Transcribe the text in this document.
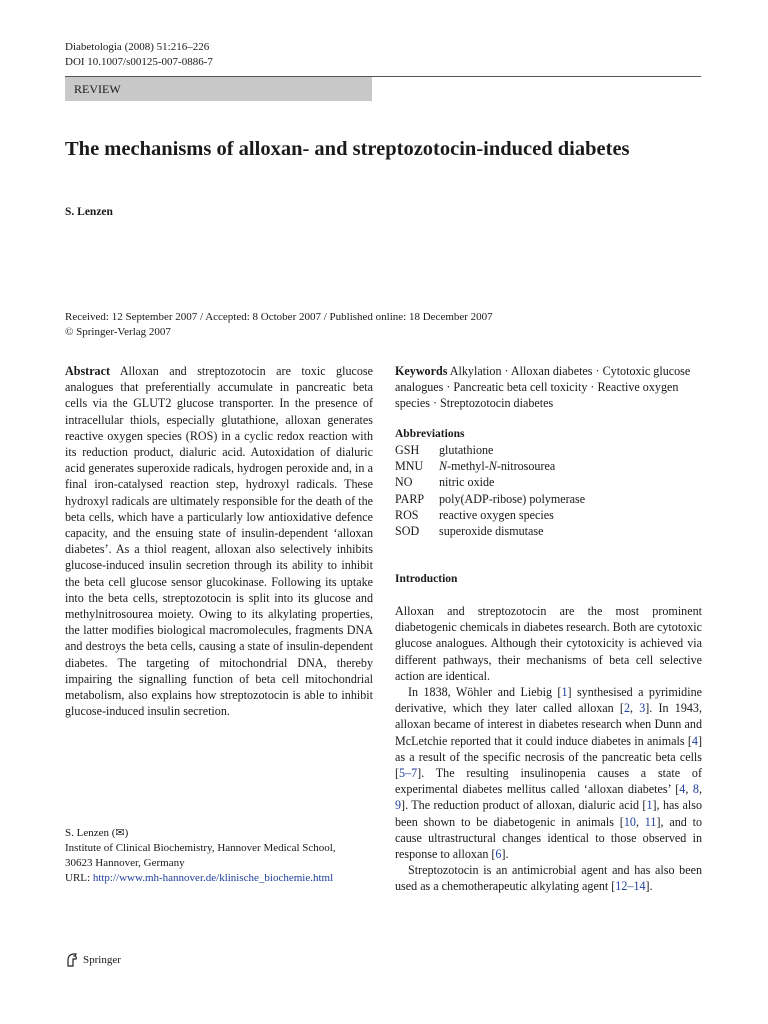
Diabetologia (2008) 51:216–226
DOI 10.1007/s00125-007-0886-7
REVIEW
The mechanisms of alloxan- and streptozotocin-induced diabetes
S. Lenzen
Received: 12 September 2007 / Accepted: 8 October 2007 / Published online: 18 December 2007
© Springer-Verlag 2007
Abstract Alloxan and streptozotocin are toxic glucose analogues that preferentially accumulate in pancreatic beta cells via the GLUT2 glucose transporter. In the presence of intracellular thiols, especially glutathione, alloxan generates reactive oxygen species (ROS) in a cyclic redox reaction with its reduction product, dialuric acid. Autoxidation of dialuric acid generates superoxide radicals, hydrogen peroxide and, in a final iron-catalysed reaction step, hydroxyl radicals. These hydroxyl radicals are ultimately responsible for the death of the beta cells, which have a particularly low antioxidative defence capacity, and the ensuing state of insulin-dependent ‘alloxan diabetes’. As a thiol reagent, alloxan also selectively inhibits glucose-induced insulin secretion through its ability to inhibit the beta cell glucose sensor glucokinase. Following its uptake into the beta cells, streptozotocin is split into its glucose and methylnitrosourea moiety. Owing to its alkylating properties, the latter modifies biological macromolecules, fragments DNA and destroys the beta cells, causing a state of insulin-dependent diabetes. The targeting of mitochondrial DNA, thereby impairing the signalling function of beta cell mitochondrial metabolism, also explains how streptozotocin is able to inhibit glucose-induced insulin secretion.
Keywords Alkylation · Alloxan diabetes · Cytotoxic glucose analogues · Pancreatic beta cell toxicity · Reactive oxygen species · Streptozotocin diabetes
Abbreviations
GSH	glutathione
MNU	N-methyl-N-nitrosourea
NO	nitric oxide
PARP	poly(ADP-ribose) polymerase
ROS	reactive oxygen species
SOD	superoxide dismutase
Introduction

Alloxan and streptozotocin are the most prominent diabetogenic chemicals in diabetes research. Both are cytotoxic glucose analogues. Although their cytotoxicity is achieved via different pathways, their mechanisms of beta cell selective action are identical.

In 1838, Wöhler and Liebig [1] synthesised a pyrimidine derivative, which they later called alloxan [2, 3]. In 1943, alloxan became of interest in diabetes research when Dunn and McLetchie reported that it could induce diabetes in animals [4] as a result of the specific necrosis of the pancreatic beta cells [5–7]. The resulting insulinopenia causes a state of experimental diabetes mellitus called ‘alloxan diabetes’ [4, 8, 9]. The reduction product of alloxan, dialuric acid [1], has also been shown to be diabetogenic in animals [10, 11], and to cause ultrastructural changes identical to those observed in response to alloxan [6].

Streptozotocin is an antimicrobial agent and has also been used as a chemotherapeutic alkylating agent [12–14].

S. Lenzen (✉)
Institute of Clinical Biochemistry, Hannover Medical School,
30623 Hannover, Germany
URL: http://www.mh-hannover.de/klinische_biochemie.html
Springer
